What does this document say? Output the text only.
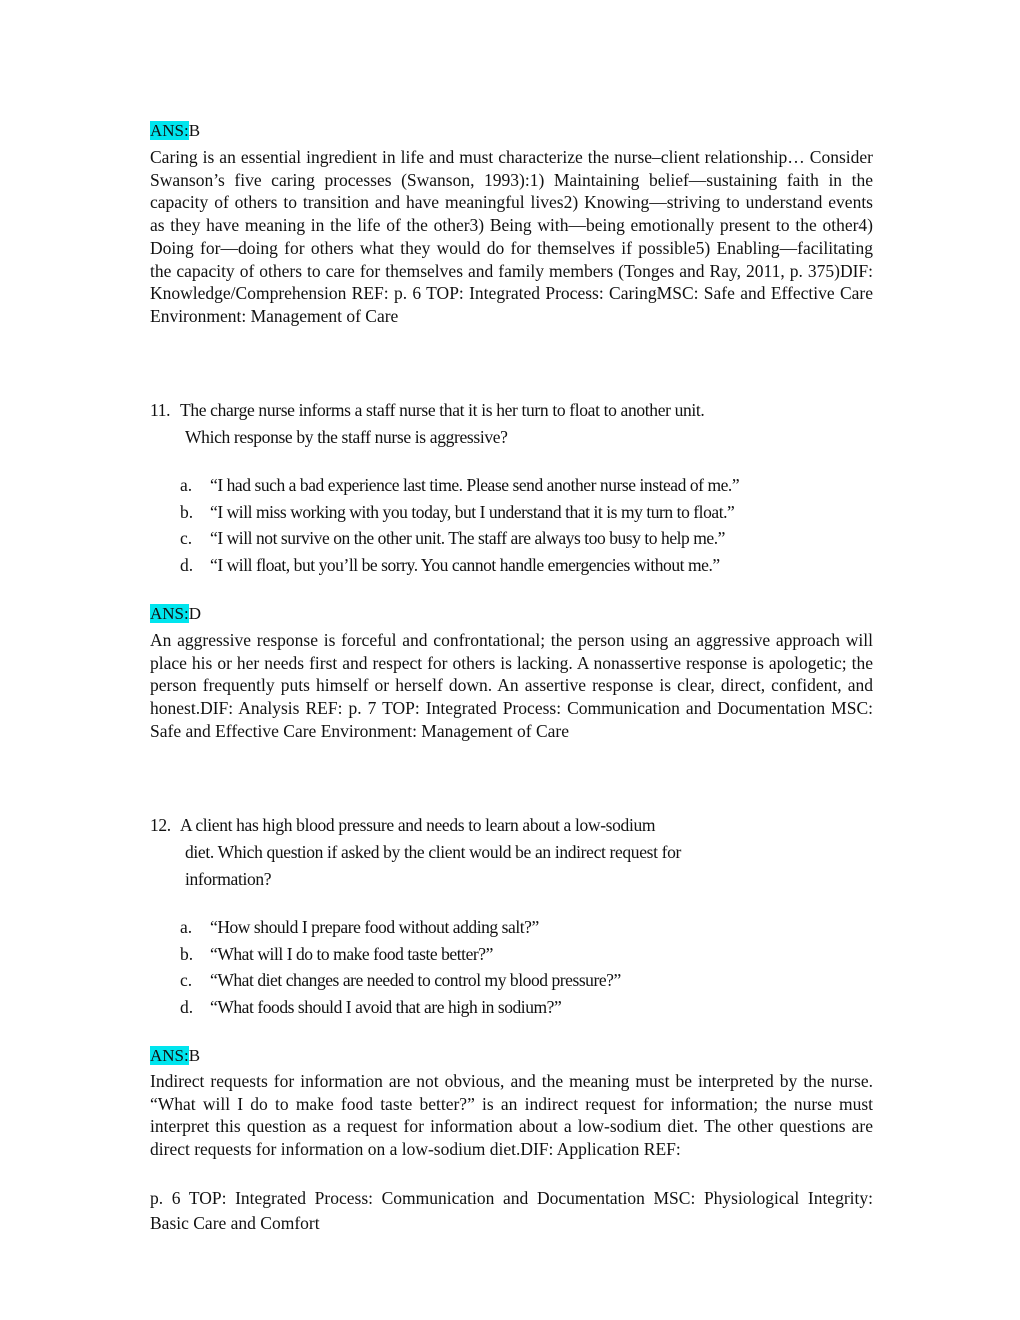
ANS:B

Caring is an essential ingredient in life and must characterize the nurse–client relationship… Consider Swanson’s five caring processes (Swanson, 1993):1) Maintaining belief—sustaining faith in the capacity of others to transition and have meaningful lives2) Knowing—striving to understand events as they have meaning in the life of the other3) Being with—being emotionally present to the other4) Doing for—doing for others what they would do for themselves if possible5) Enabling—facilitating the capacity of others to care for themselves and family members (Tonges and Ray, 2011, p. 375)DIF: Knowledge/Comprehension REF: p. 6 TOP: Integrated Process: CaringMSC: Safe and Effective Care Environment: Management of Care

11. The charge nurse informs a staff nurse that it is her turn to float to another unit.
Which response by the staff nurse is aggressive?
a. “I had such a bad experience last time. Please send another nurse instead of me.”
b. “I will miss working with you today, but I understand that it is my turn to float.”
c. “I will not survive on the other unit. The staff are always too busy to help me.”
d. “I will float, but you’ll be sorry. You cannot handle emergencies without me.”
ANS:D

An aggressive response is forceful and confrontational; the person using an aggressive approach will place his or her needs first and respect for others is lacking. A nonassertive response is apologetic; the person frequently puts himself or herself down. An assertive response is clear, direct, confident, and honest.DIF: Analysis REF: p. 7 TOP: Integrated Process: Communication and Documentation MSC: Safe and Effective Care Environment: Management of Care

12. A client has high blood pressure and needs to learn about a low-sodium
diet. Which question if asked by the client would be an indirect request for
information?
a. “How should I prepare food without adding salt?”
b. “What will I do to make food taste better?”
c. “What diet changes are needed to control my blood pressure?”
d. “What foods should I avoid that are high in sodium?”
ANS:B

Indirect requests for information are not obvious, and the meaning must be interpreted by the nurse. “What will I do to make food taste better?” is an indirect request for information; the nurse must interpret this question as a request for information about a low-sodium diet. The other questions are direct requests for information on a low-sodium diet.DIF: Application REF:

p. 6 TOP: Integrated Process: Communication and Documentation MSC: Physiological Integrity: Basic Care and Comfort
